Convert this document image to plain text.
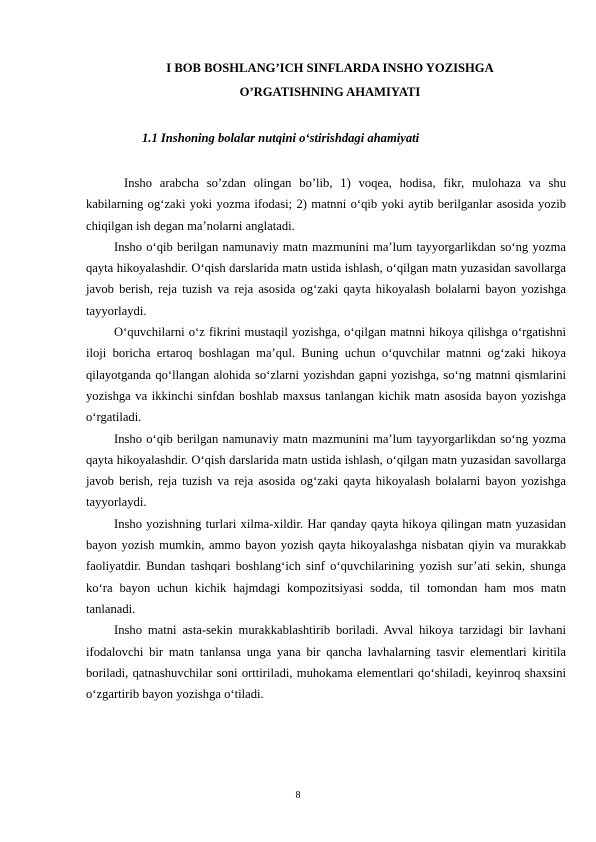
I BOB BOSHLANG’ICH SINFLARDA INSHO YOZISHGA
O’RGATISHNING AHAMIYATI
1.1 Inshoning bolalar nutqini o‘stirishdagi ahamiyati

Insho arabcha so’zdan olingan bo’lib, 1) voqea, hodisa, fikr, mulohaza va shu kabilarning og‘zaki yoki yozma ifodasi; 2) matnni o‘qib yoki aytib berilganlar asosida yozib chiqilgan ish degan ma’nolarni anglatadi.

Insho o‘qib berilgan namunaviy matn mazmunini ma’lum tayyorgarlikdan so‘ng yozma qayta hikoyalashdir. O‘qish darslarida matn ustida ishlash, o‘qilgan matn yuzasidan savollarga javob berish, reja tuzish va reja asosida og‘zaki qayta hikoyalash bolalarni bayon yozishga tayyorlaydi.

O‘quvchilarni o‘z fikrini mustaqil yozishga, o‘qilgan matnni hikoya qilishga o‘rgatishni iloji boricha ertaroq boshlagan ma’qul. Buning uchun o‘quvchilar matnni og‘zaki hikoya qilayotganda qo‘llangan alohida so‘zlarni yozishdan gapni yozishga, so‘ng matnni qismlarini yozishga va ikkinchi sinfdan boshlab maxsus tanlangan kichik matn asosida bayon yozishga o‘rgatiladi.

Insho o‘qib berilgan namunaviy matn mazmunini ma’lum tayyorgarlikdan so‘ng yozma qayta hikoyalashdir. O‘qish darslarida matn ustida ishlash, o‘qilgan matn yuzasidan savollarga javob berish, reja tuzish va reja asosida og‘zaki qayta hikoyalash bolalarni bayon yozishga tayyorlaydi.

Insho yozishning turlari xilma-xildir. Har qanday qayta hikoya qilingan matn yuzasidan bayon yozish mumkin, ammo bayon yozish qayta hikoyalashga nisbatan qiyin va murakkab faoliyatdir. Bundan tashqari boshlang‘ich sinf o‘quvchilarining yozish sur’ati sekin, shunga ko‘ra bayon uchun kichik hajmdagi kompozitsiyasi sodda, til tomondan ham mos matn tanlanadi.

Insho matni asta-sekin murakkablashtirib boriladi. Avval hikoya tarzidagi bir lavhani ifodalovchi bir matn tanlansa unga yana bir qancha lavhalarning tasvir elementlari kiritila boriladi, qatnashuvchilar soni orttiriladi, muhokama elementlari qo‘shiladi, keyinroq shaxsini o‘zgartirib bayon yozishga o‘tiladi.

8
